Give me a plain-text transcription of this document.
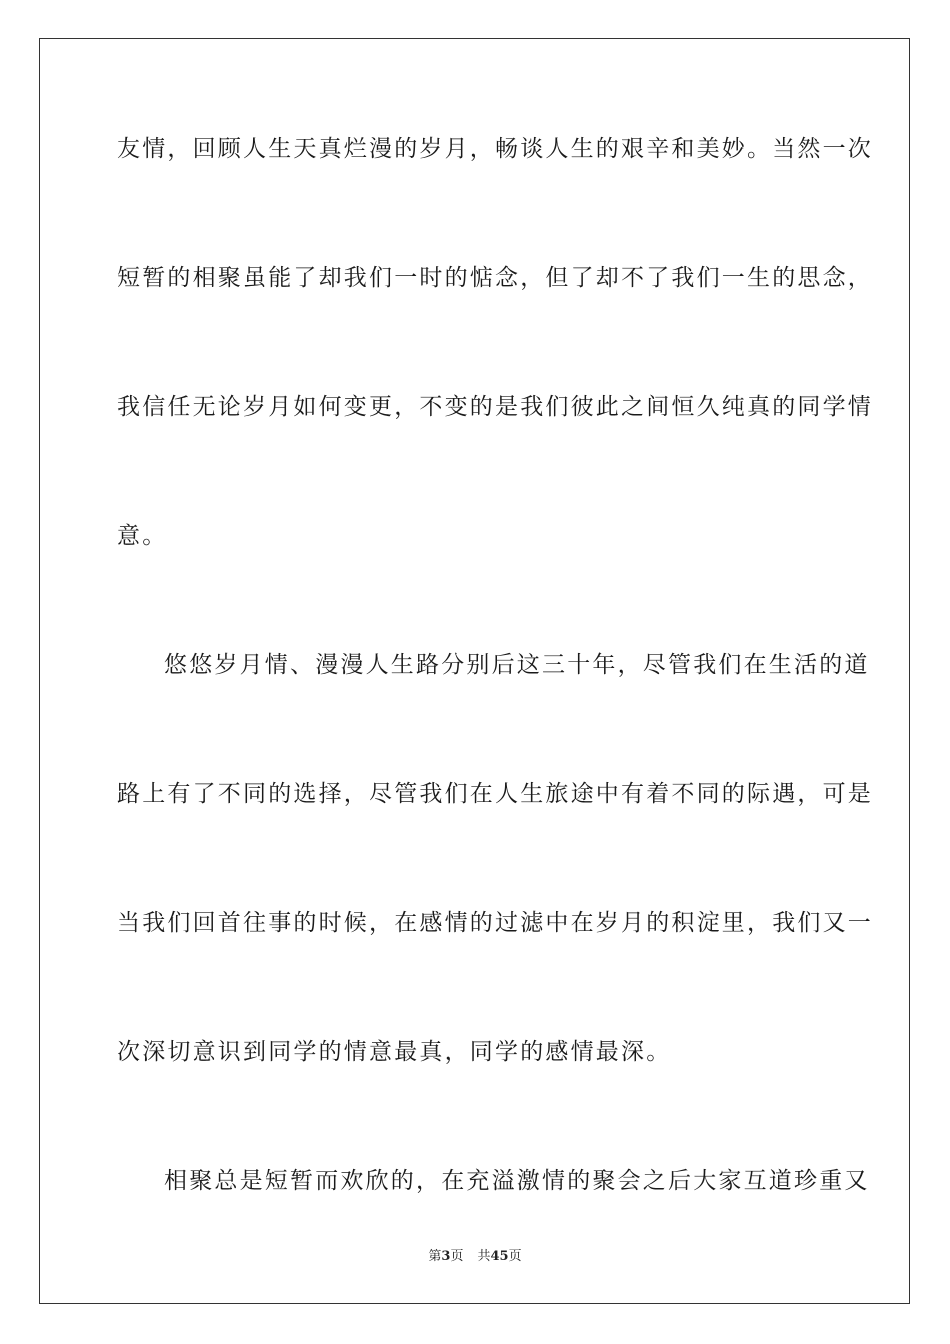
友情，回顾人生天真烂漫的岁月，畅谈人生的艰辛和美妙。当然一次
短暂的相聚虽能了却我们一时的惦念，但了却不了我们一生的思念，
我信任无论岁月如何变更，不变的是我们彼此之间恒久纯真的同学情
意。
悠悠岁月情、漫漫人生路分别后这三十年，尽管我们在生活的道
路上有了不同的选择，尽管我们在人生旅途中有着不同的际遇，可是
当我们回首往事的时候，在感情的过滤中在岁月的积淀里，我们又一
次深切意识到同学的情意最真，同学的感情最深。
相聚总是短暂而欢欣的，在充溢激情的聚会之后大家互道珍重又
第3页 共45页
